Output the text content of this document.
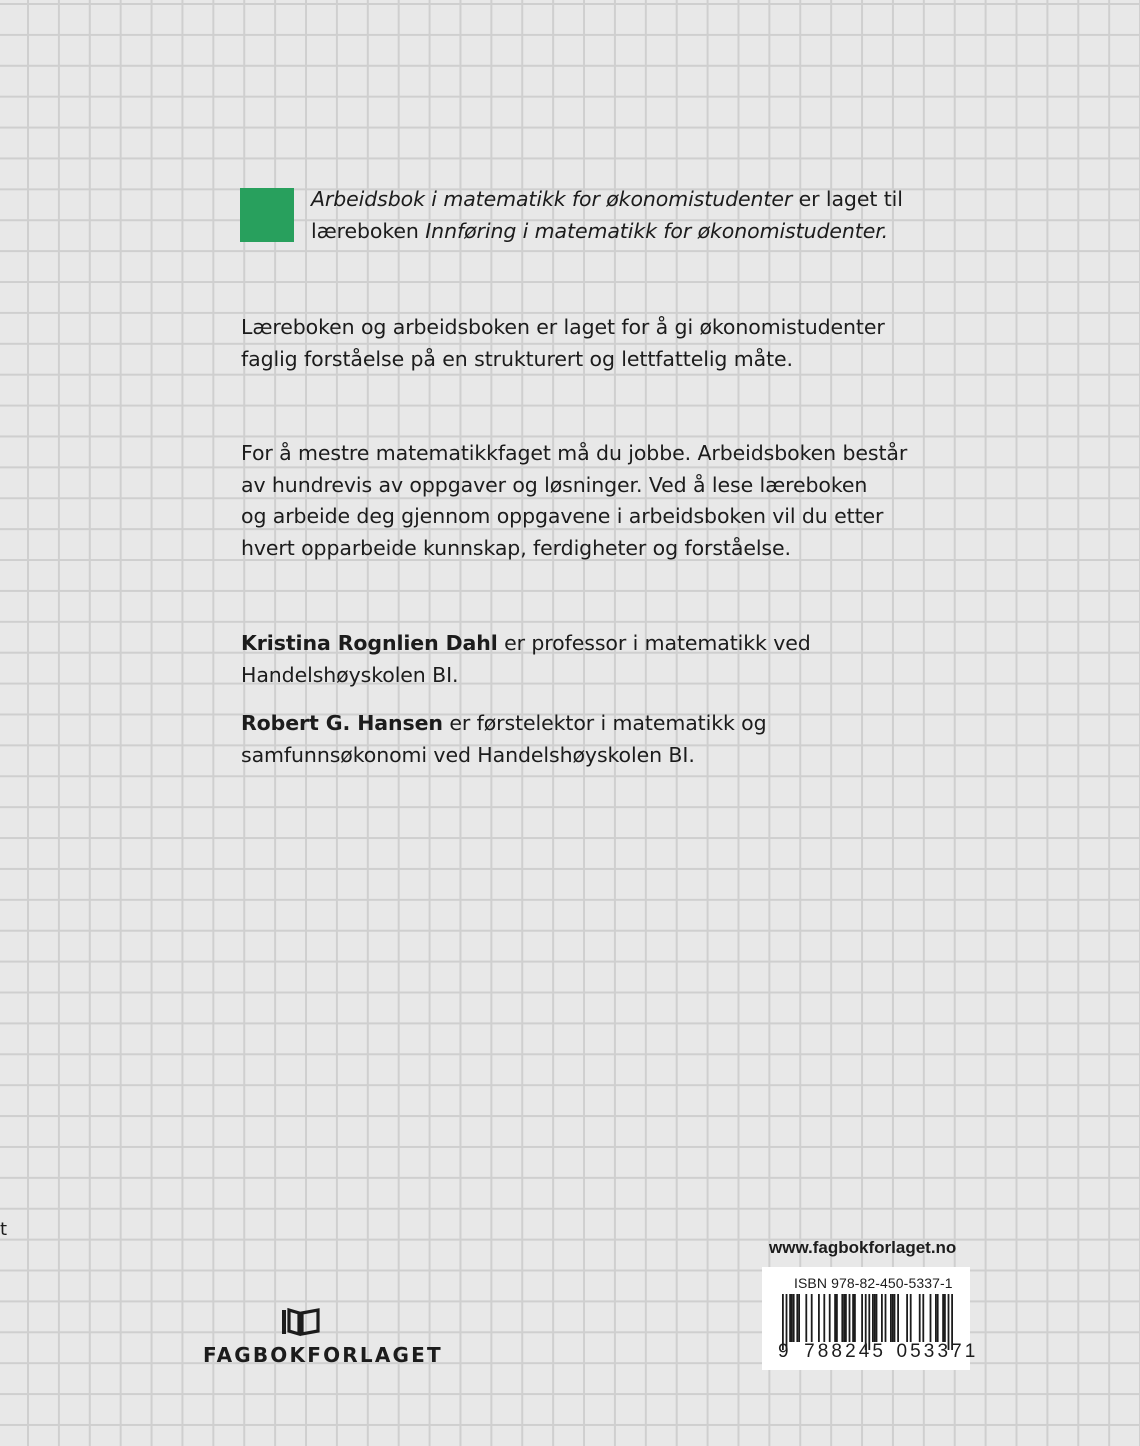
Arbeidsbok i matematikk for økonomistudenter er laget til

læreboken Innføring i matematikk for økonomistudenter.

Læreboken og arbeidsboken er laget for å gi økonomistudenter

faglig forståelse på en strukturert og lettfattelig måte.

For å mestre matematikkfaget må du jobbe. Arbeidsboken består

av hundrevis av oppgaver og løsninger. Ved å lese læreboken

og arbeide deg gjennom oppgavene i arbeidsboken vil du etter

hvert opparbeide kunnskap, ferdigheter og forståelse.

Kristina Rognlien Dahl er professor i matematikk ved

Handelshøyskolen BI.

Robert G. Hansen er førstelektor i matematikk og

samfunnsøkonomi ved Handelshøyskolen BI.

t
FAGBOKFORLAGET
www.fagbokforlaget.no
ISBN 978-82-450-5337-1
9 788245 053371
